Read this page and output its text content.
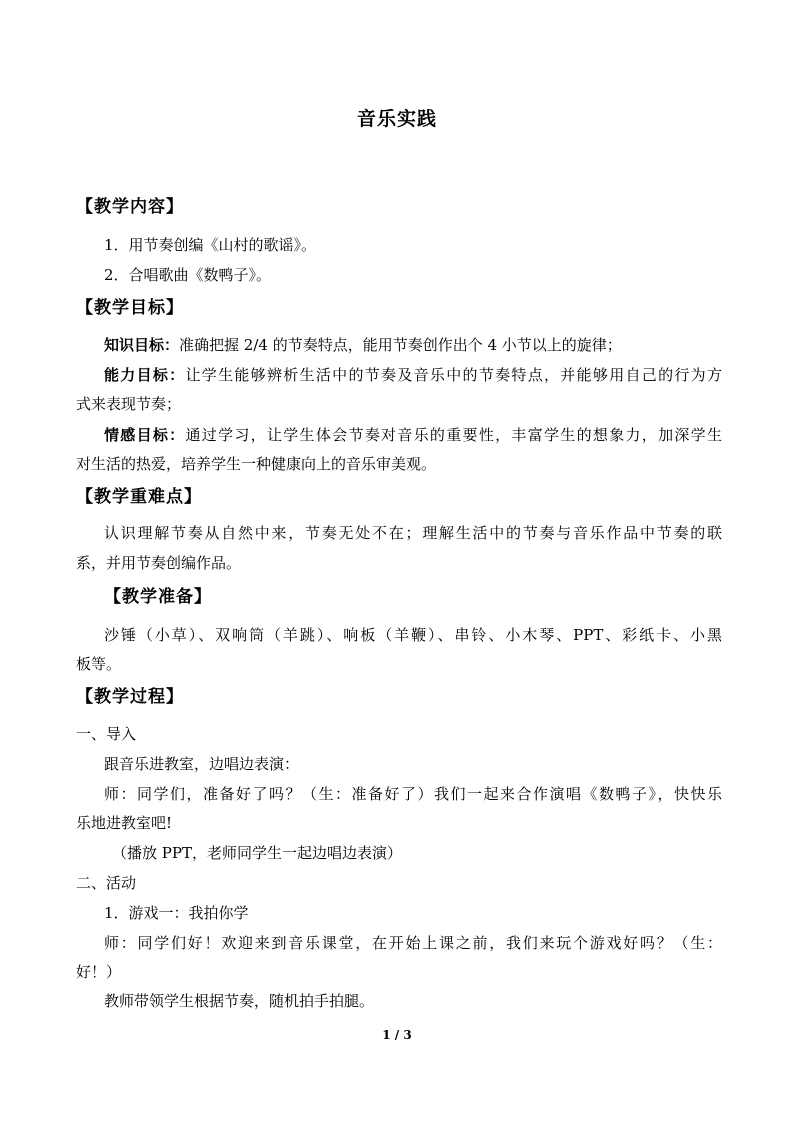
音乐实践
【教学内容】
1．用节奏创编《山村的歌谣》。
2．合唱歌曲《数鸭子》。
【教学目标】
知识目标：准确把握 2/4 的节奏特点，能用节奏创作出个 4 小节以上的旋律；
能力目标：让学生能够辨析生活中的节奏及音乐中的节奏特点，并能够用自己的行为方
式来表现节奏；
情感目标：通过学习，让学生体会节奏对音乐的重要性，丰富学生的想象力，加深学生
对生活的热爱，培养学生一种健康向上的音乐审美观。
【教学重难点】
认识理解节奏从自然中来，节奏无处不在；理解生活中的节奏与音乐作品中节奏的联
系，并用节奏创编作品。
【教学准备】
沙锤（小草）、双响筒（羊跳）、响板（羊鞭）、串铃、小木琴、PPT、彩纸卡、小黑
板等。
【教学过程】
一、导入
跟音乐进教室，边唱边表演：
师：同学们，准备好了吗？（生：准备好了）我们一起来合作演唱《数鸭子》，快快乐
乐地进教室吧!
（播放 PPT，老师同学生一起边唱边表演）
二、活动
1．游戏一：我拍你学
师：同学们好！欢迎来到音乐课堂，在开始上课之前，我们来玩个游戏好吗？（生：
好！）
教师带领学生根据节奏，随机拍手拍腿。
1 / 3
